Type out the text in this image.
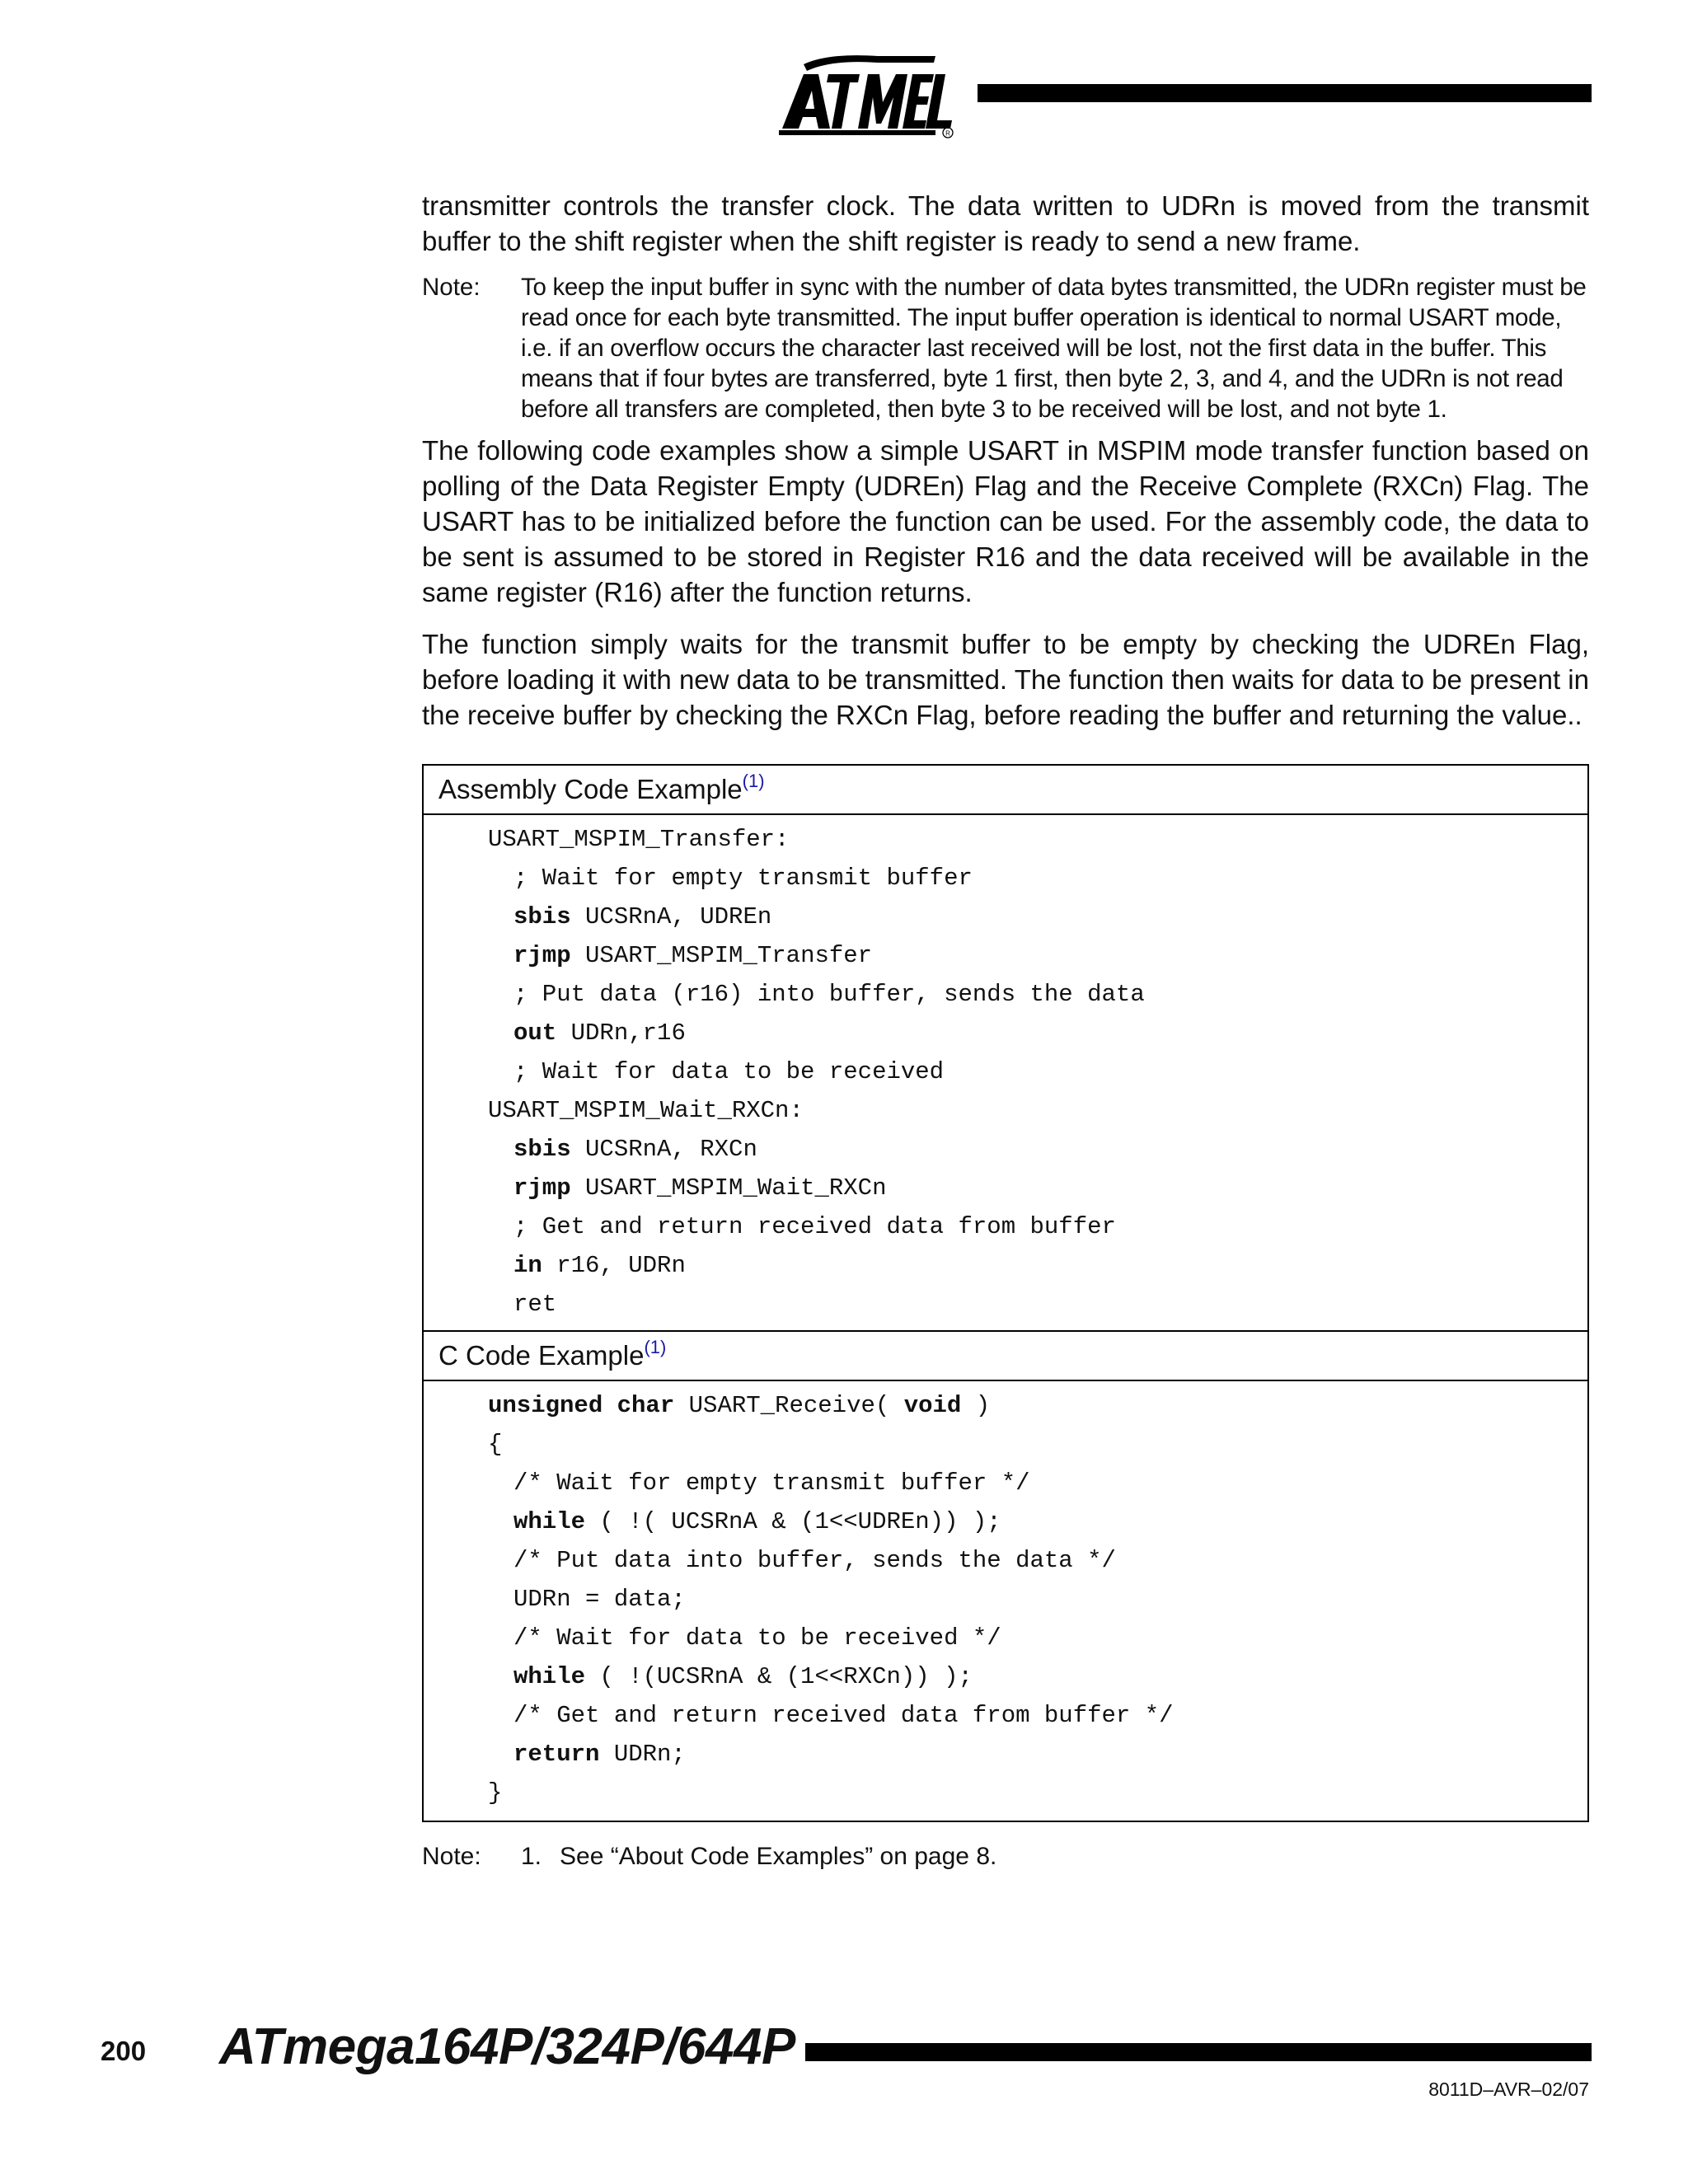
R

transmitter controls the transfer clock. The data written to UDRn is moved from the transmit buffer to the shift register when the shift register is ready to send a new frame.

Note:	To keep the input buffer in sync with the number of data bytes transmitted, the UDRn register must be read once for each byte transmitted. The input buffer operation is identical to normal USART mode, i.e. if an overflow occurs the character last received will be lost, not the first data in the buffer. This means that if four bytes are transferred, byte 1 first, then byte 2, 3, and 4, and the UDRn is not read before all transfers are completed, then byte 3 to be received will be lost, and not byte 1.

The following code examples show a simple USART in MSPIM mode transfer function based on polling of the Data Register Empty (UDREn) Flag and the Receive Complete (RXCn) Flag. The USART has to be initialized before the function can be used. For the assembly code, the data to be sent is assumed to be stored in Register R16 and the data received will be available in the same register (R16) after the function returns.

The function simply waits for the transmit buffer to be empty by checking the UDREn Flag, before loading it with new data to be transmitted. The function then waits for data to be present in the receive buffer by checking the RXCn Flag, before reading the buffer and returning the value..

Assembly Code Example$^{(1)}$
USART_MSPIM_Transfer:
; Wait for empty transmit buffer
sbis UCSRnA, UDREn
rjmp USART_MSPIM_Transfer
; Put data (r16) into buffer, sends the data
out UDRn,r16
; Wait for data to be received
USART_MSPIM_Wait_RXCn:
sbis UCSRnA, RXCn
rjmp USART_MSPIM_Wait_RXCn
; Get and return received data from buffer
in r16, UDRn
ret
C Code Example$^{(1)}$
unsigned char USART_Receive( void )
{
/* Wait for empty transmit buffer */
while ( !( UCSRnA & (1<<UDREn)) );
/* Put data into buffer, sends the data */
UDRn = data;
/* Wait for data to be received */
while ( !(UCSRnA & (1<<RXCn)) );
/* Get and return received data from buffer */
return UDRn;
}
Note:	1. See “About Code Examples” on page 8.
200 ATmega164P/324P/644P
8011D–AVR–02/07
